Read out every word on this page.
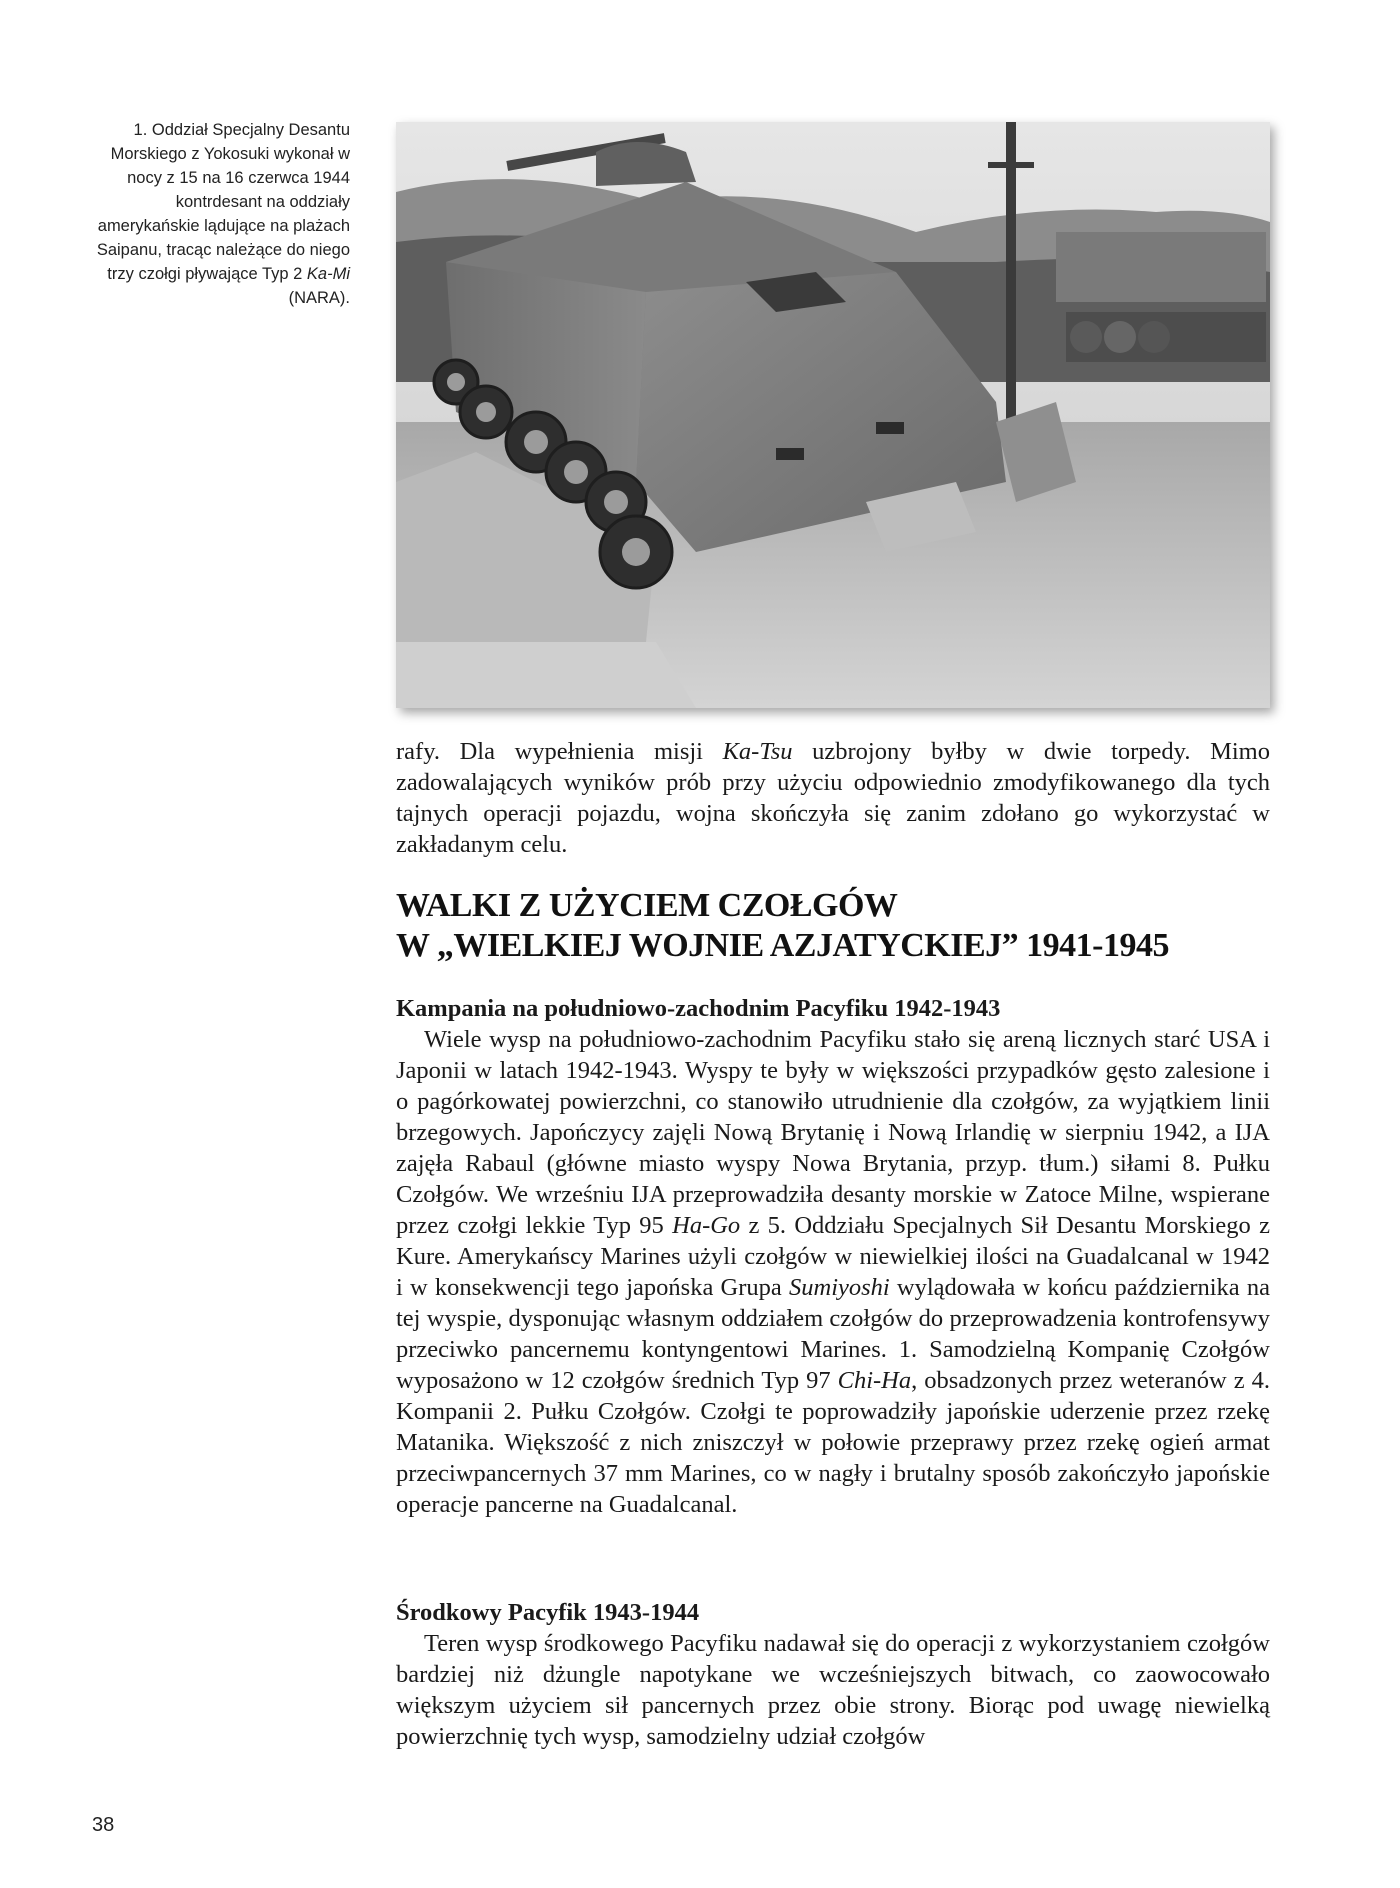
1. Oddział Specjalny Desantu Morskiego z Yokosuki wykonał w nocy z 15 na 16 czerwca 1944 kontrdesant na oddziały amerykańskie lądujące na plażach Saipanu, tracąc należące do niego trzy czołgi pływające Typ 2 Ka-Mi (NARA).

rafy. Dla wypełnienia misji Ka-Tsu uzbrojony byłby w dwie torpedy. Mimo zadowalających wyników prób przy użyciu odpowiednio zmodyfikowanego dla tych tajnych operacji pojazdu, wojna skończyła się zanim zdołano go wykorzystać w zakładanym celu.

WALKI Z UŻYCIEM CZOŁGÓW
W „WIELKIEJ WOJNIE AZJATYCKIEJ” 1941-1945
Kampania na południowo-zachodnim Pacyfiku 1942-1943

Wiele wysp na południowo-zachodnim Pacyfiku stało się areną licznych starć USA i Japonii w latach 1942-1943. Wyspy te były w większości przypadków gęsto zalesione i o pagórkowatej powierzchni, co stanowiło utrudnienie dla czołgów, za wyjątkiem linii brzegowych. Japończycy zajęli Nową Brytanię i Nową Irlandię w sierpniu 1942, a IJA zajęła Rabaul (główne miasto wyspy Nowa Brytania, przyp. tłum.) siłami 8. Pułku Czołgów. We wrześniu IJA przeprowadziła desanty morskie w Zatoce Milne, wspierane przez czołgi lekkie Typ 95 Ha-Go z 5. Oddziału Specjalnych Sił Desantu Morskiego z Kure. Amerykańscy Marines użyli czołgów w niewielkiej ilości na Guadalcanal w 1942 i w konsekwencji tego japońska Grupa Sumiyoshi wylądowała w końcu października na tej wyspie, dysponując własnym oddziałem czołgów do przeprowadzenia kontrofensywy przeciwko pancernemu kontyngentowi Marines. 1. Samodzielną Kompanię Czołgów wyposażono w 12 czołgów średnich Typ 97 Chi-Ha, obsadzonych przez weteranów z 4. Kompanii 2. Pułku Czołgów. Czołgi te poprowadziły japońskie uderzenie przez rzekę Matanika. Większość z nich zniszczył w połowie przeprawy przez rzekę ogień armat przeciwpancernych 37 mm Marines, co w nagły i brutalny sposób zakończyło japońskie operacje pancerne na Guadalcanal.

Środkowy Pacyfik 1943-1944

Teren wysp środkowego Pacyfiku nadawał się do operacji z wykorzystaniem czołgów bardziej niż dżungle napotykane we wcześniejszych bitwach, co zaowocowało większym użyciem sił pancernych przez obie strony. Biorąc pod uwagę niewielką powierzchnię tych wysp, samodzielny udział czołgów

38
